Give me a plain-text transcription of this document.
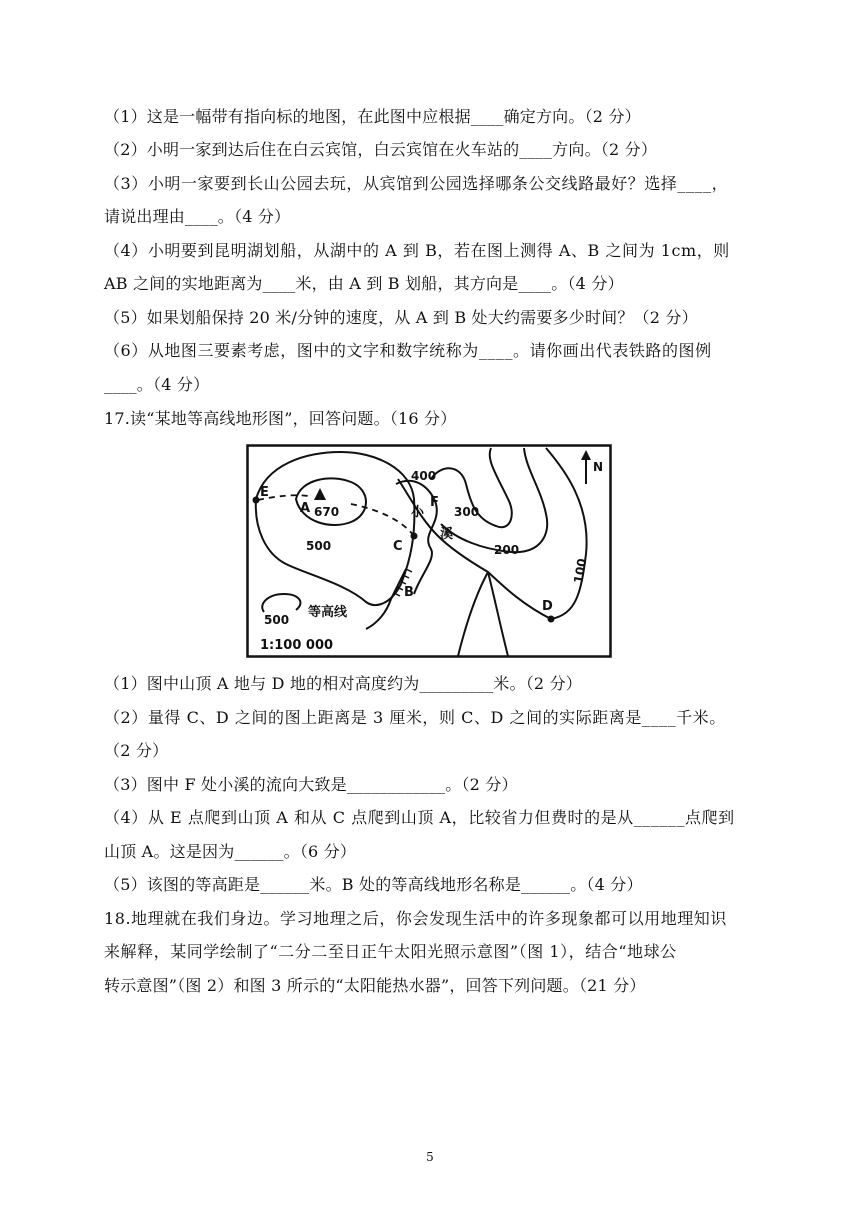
（1）这是一幅带有指向标的地图，在此图中应根据____确定方向。（2 分）
（2）小明一家到达后住在白云宾馆，白云宾馆在火车站的____方向。（2 分）
（3）小明一家要到长山公园去玩，从宾馆到公园选择哪条公交线路最好？选择____，
请说出理由____。（4 分）
（4）小明要到昆明湖划船，从湖中的 A 到 B，若在图上测得 A、B 之间为 1cm，则
AB 之间的实地距离为____米，由 A 到 B 划船，其方向是____。（4 分）
（5）如果划船保持 20 米/分钟的速度，从 A 到 B 处大约需要多少时间？（2 分）
（6）从地图三要素考虑，图中的文字和数字统称为____。请你画出代表铁路的图例
____。（4 分）
17.读“某地等高线地形图”，回答问题。（16 分）
N
400
300
200
100
500
670
E
A	F
C
B
D
小
溪
500 等高线
1:100 000
（1）图中山顶 A 地与 D 地的相对高度约为_________米。（2 分）
（2）量得 C、D 之间的图上距离是 3 厘米，则 C、D 之间的实际距离是____千米。
（2 分）
（3）图中 F 处小溪的流向大致是____________。（2 分）
（4）从 E 点爬到山顶 A 和从 C 点爬到山顶 A，比较省力但费时的是从______点爬到
山顶 A。这是因为______。（6 分）
（5）该图的等高距是______米。B 处的等高线地形名称是______。（4 分）
18.地理就在我们身边。学习地理之后，你会发现生活中的许多现象都可以用地理知识
来解释，某同学绘制了“二分二至日正午太阳光照示意图”（图 1），结合“地球公
转示意图”（图 2）和图 3 所示的“太阳能热水器”，回答下列问题。（21 分）
5
